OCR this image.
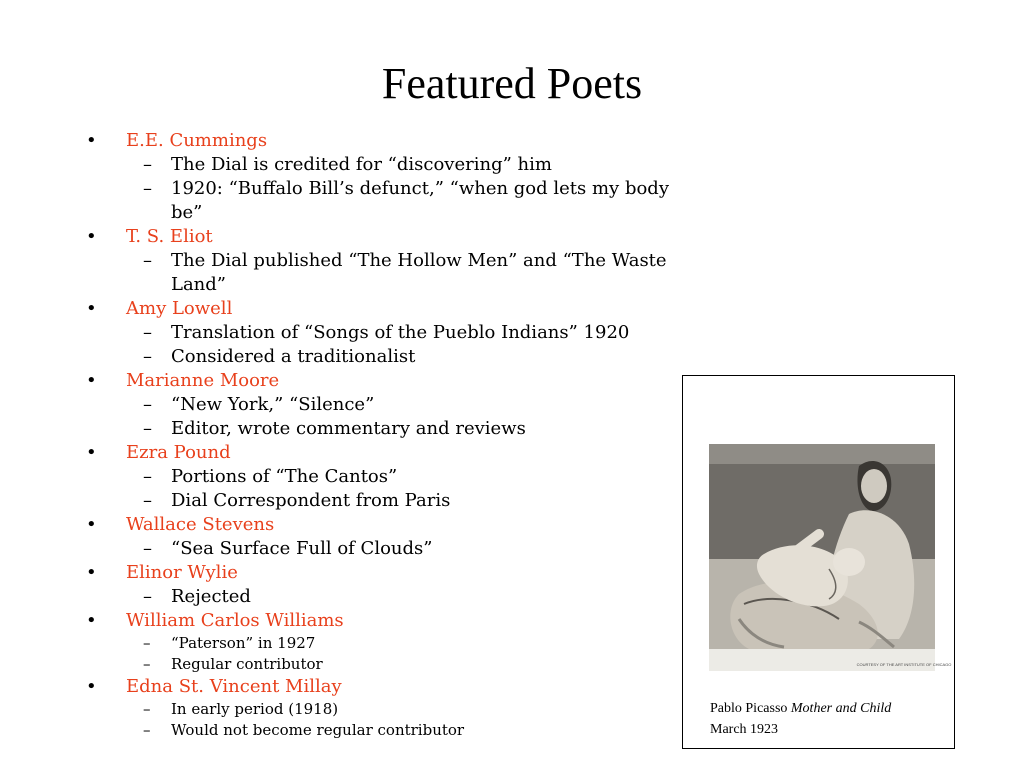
Featured Poets
• E.E. Cummings
– The Dial is credited for “discovering” him
– 1920: “Buffalo Bill’s defunct,” “when god lets my body be”
• T. S. Eliot
– The Dial published “The Hollow Men” and “The Waste Land”
• Amy Lowell
– Translation of “Songs of the Pueblo Indians” 1920
– Considered a traditionalist
• Marianne Moore
– “New York,” “Silence”
– Editor, wrote commentary and reviews
• Ezra Pound
– Portions of “The Cantos”
– Dial Correspondent from Paris
• Wallace Stevens
– “Sea Surface Full of Clouds”
• Elinor Wylie
– Rejected
• William Carlos Williams
– “Paterson” in 1927
– Regular contributor
• Edna St. Vincent Millay
– In early period (1918)
– Would not become regular contributor
COURTESY OF THE ART INSTITUTE OF CHICAGO
Pablo Picasso Mother and Child
March 1923
